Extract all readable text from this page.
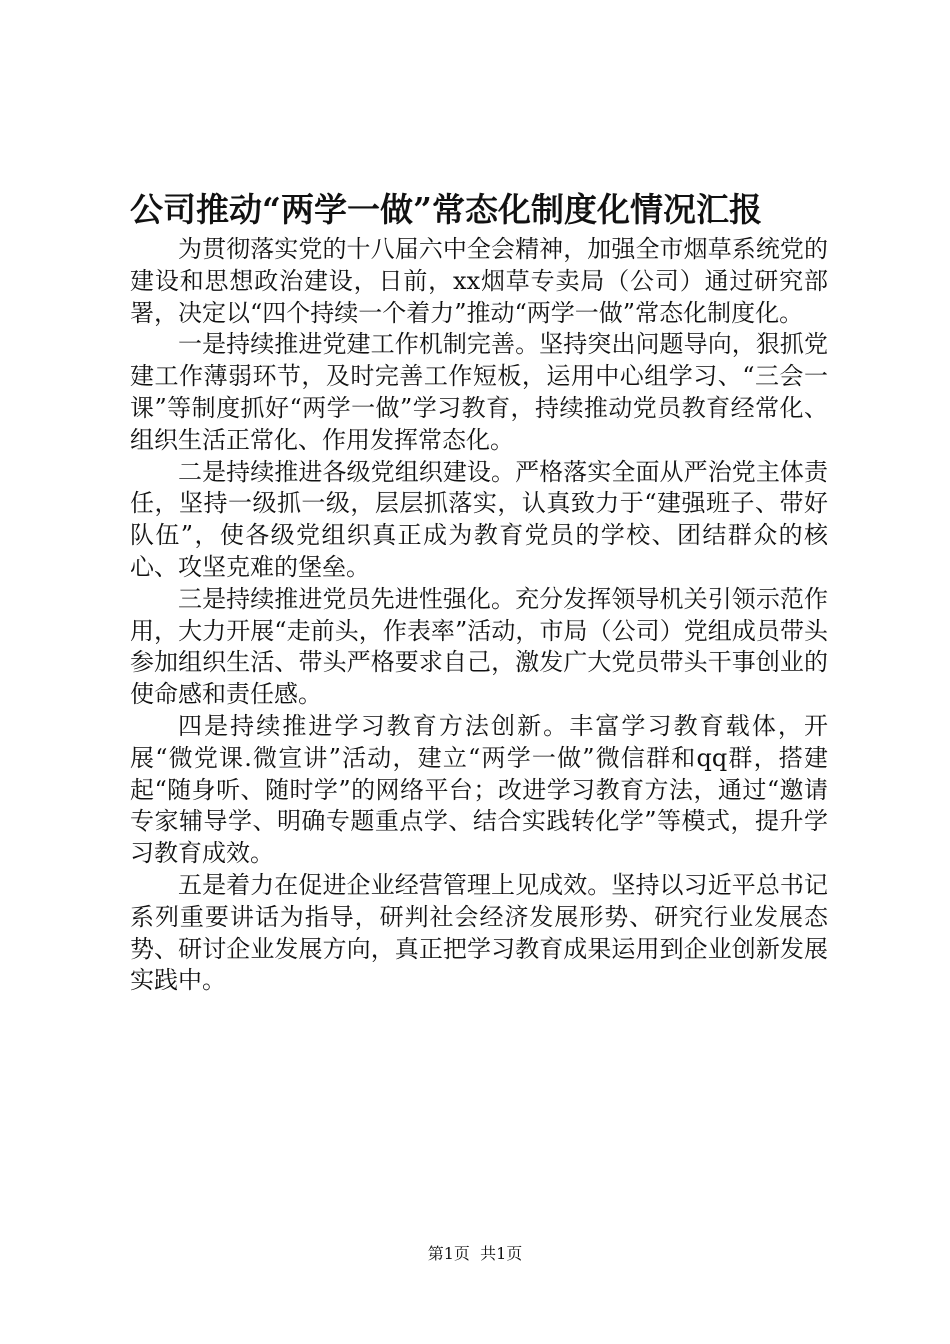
公司推动“两学一做”常态化制度化情况汇报

为贯彻落实党的十八届六中全会精神，加强全市烟草系统党的建设和思想政治建设，日前，xx烟草专卖局（公司）通过研究部署，决定以“四个持续一个着力”推动“两学一做”常态化制度化。

一是持续推进党建工作机制完善。坚持突出问题导向，狠抓党建工作薄弱环节，及时完善工作短板，运用中心组学习、“三会一课”等制度抓好“两学一做”学习教育，持续推动党员教育经常化、组织生活正常化、作用发挥常态化。

二是持续推进各级党组织建设。严格落实全面从严治党主体责任，坚持一级抓一级，层层抓落实，认真致力于“建强班子、带好队伍”，使各级党组织真正成为教育党员的学校、团结群众的核心、攻坚克难的堡垒。

三是持续推进党员先进性强化。充分发挥领导机关引领示范作用，大力开展“走前头，作表率”活动，市局（公司）党组成员带头参加组织生活、带头严格要求自己，激发广大党员带头干事创业的使命感和责任感。

四是持续推进学习教育方法创新。丰富学习教育载体，开展“微党课.微宣讲”活动，建立“两学一做”微信群和qq群，搭建起“随身听、随时学”的网络平台；改进学习教育方法，通过“邀请专家辅导学、明确专题重点学、结合实践转化学”等模式，提升学习教育成效。

五是着力在促进企业经营管理上见成效。坚持以习近平总书记系列重要讲话为指导，研判社会经济发展形势、研究行业发展态势、研讨企业发展方向，真正把学习教育成果运用到企业创新发展实践中。

第1页  共1页
